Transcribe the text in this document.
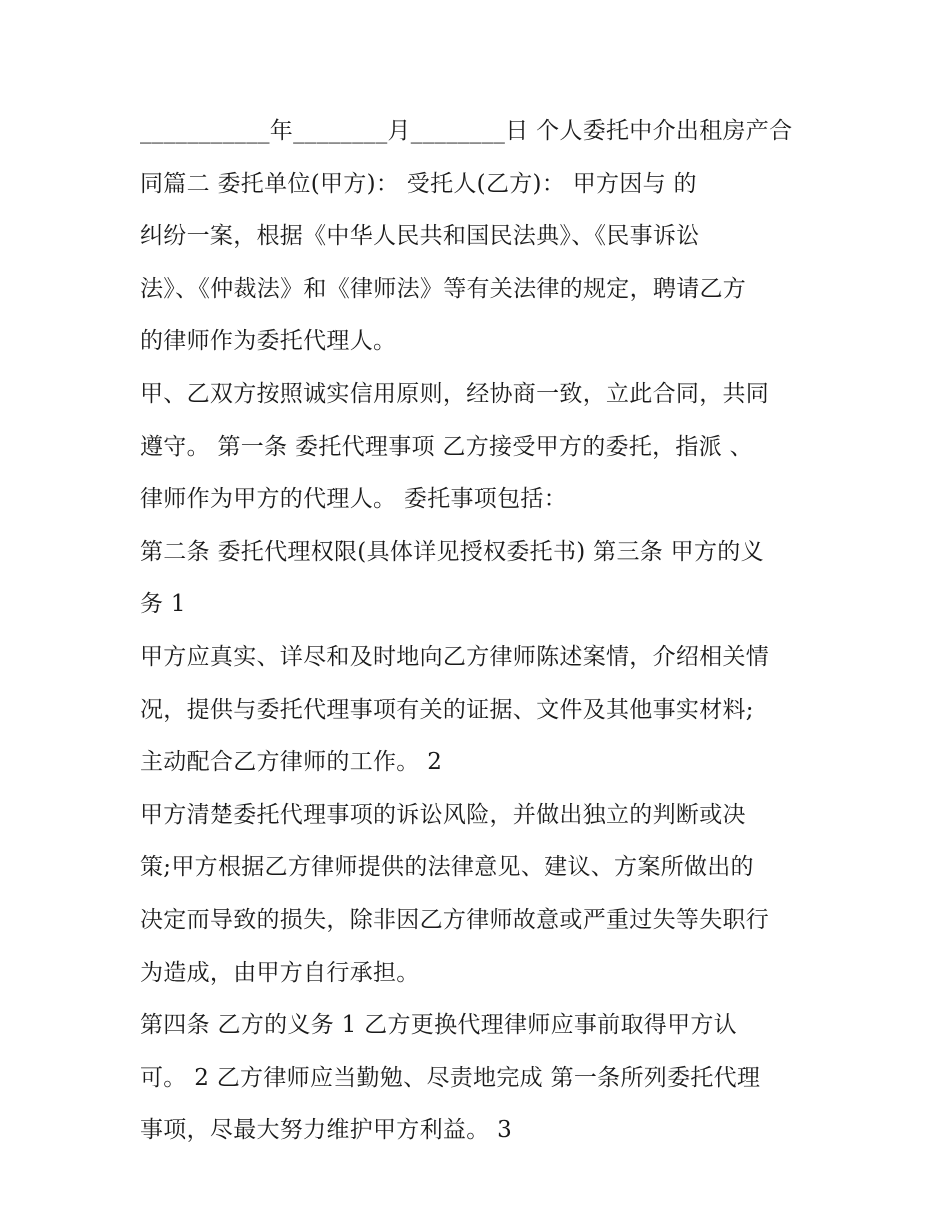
___________年________月________日 个人委托中介出租房产合
同篇二 委托单位(甲方)： 受托人(乙方)： 甲方因与 的
纠纷一案，根据《中华人民共和国民法典》、《民事诉讼
法》、《仲裁法》和《律师法》等有关法律的规定，聘请乙方
的律师作为委托代理人。
甲、乙双方按照诚实信用原则，经协商一致，立此合同，共同
遵守。 第一条 委托代理事项 乙方接受甲方的委托，指派 、
律师作为甲方的代理人。 委托事项包括：
第二条 委托代理权限(具体详见授权委托书) 第三条 甲方的义
务 1
甲方应真实、详尽和及时地向乙方律师陈述案情，介绍相关情
况，提供与委托代理事项有关的证据、文件及其他事实材料;
主动配合乙方律师的工作。 2
甲方清楚委托代理事项的诉讼风险，并做出独立的判断或决
策;甲方根据乙方律师提供的法律意见、建议、方案所做出的
决定而导致的损失，除非因乙方律师故意或严重过失等失职行
为造成，由甲方自行承担。
第四条 乙方的义务 1 乙方更换代理律师应事前取得甲方认
可。 2 乙方律师应当勤勉、尽责地完成 第一条所列委托代理
事项，尽最大努力维护甲方利益。 3
